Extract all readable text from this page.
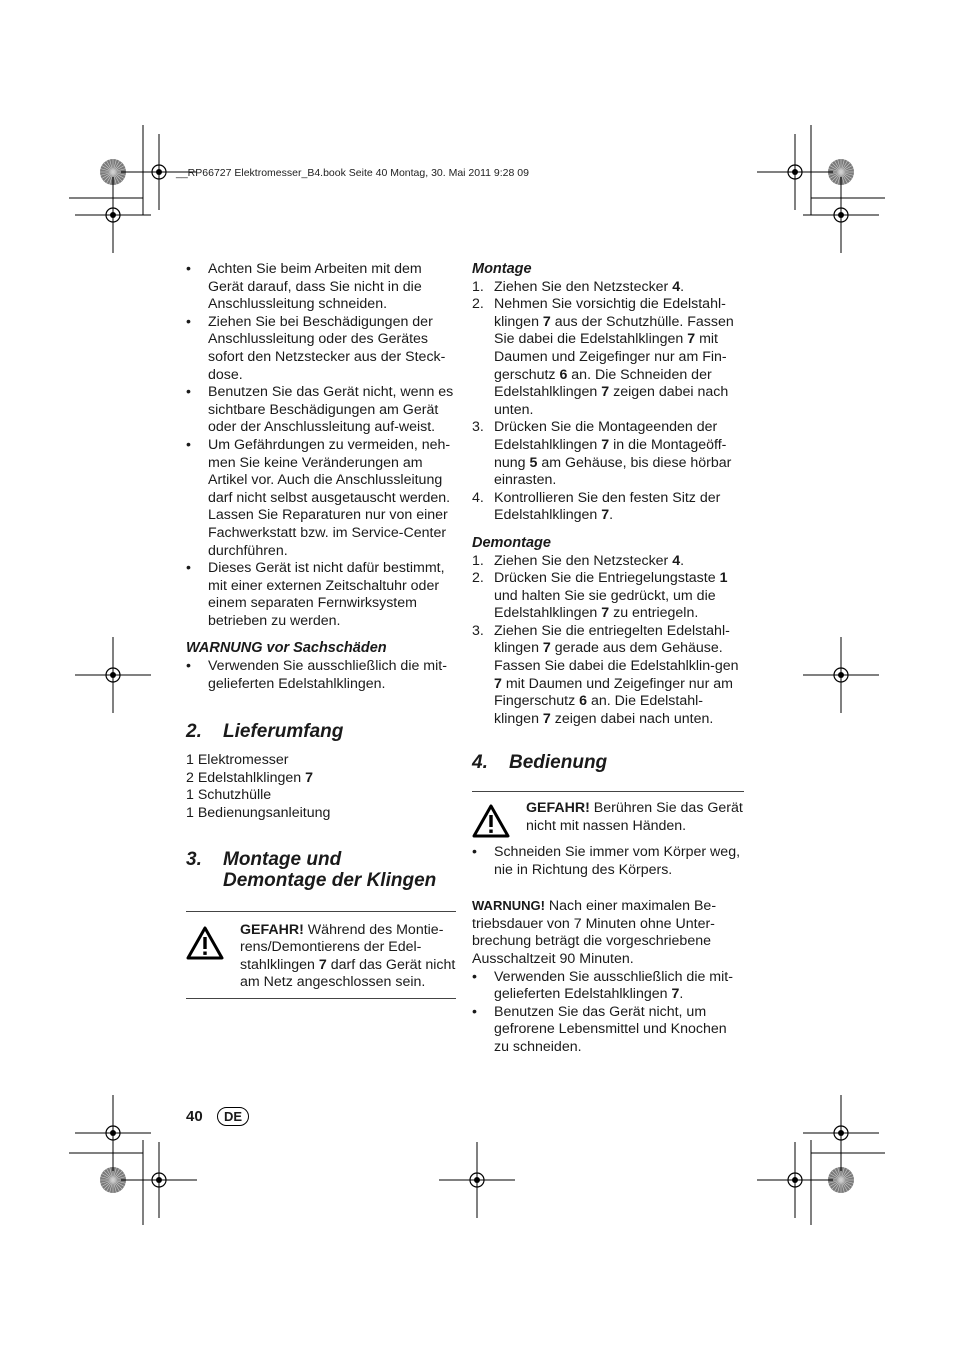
__RP66727 Elektromesser_B4.book Seite 40 Montag, 30. Mai 2011 9:28 09
• Achten Sie beim Arbeiten mit dem Gerät darauf, dass Sie nicht in die Anschlussleitung schneiden.
• Ziehen Sie bei Beschädigungen der Anschlussleitung oder des Gerätes sofort den Netzstecker aus der Steck-dose.
• Benutzen Sie das Gerät nicht, wenn es sichtbare Beschädigungen am Gerät oder der Anschlussleitung auf-weist.
• Um Gefährdungen zu vermeiden, neh-men Sie keine Veränderungen am Artikel vor. Auch die Anschlussleitung darf nicht selbst ausgetauscht werden. Lassen Sie Reparaturen nur von einer Fachwerkstatt bzw. im Service-Center durchführen.
• Dieses Gerät ist nicht dafür bestimmt, mit einer externen Zeitschaltuhr oder einem separaten Fernwirksystem betrieben zu werden.
WARNUNG vor Sachschäden
• Verwenden Sie ausschließlich die mit-gelieferten Edelstahlklingen.
2.	Lieferumfang
1 Elektromesser
2 Edelstahlklingen 7
1 Schutzhülle
1 Bedienungsanleitung
3.	Montage und
Demontage der Klingen
GEFAHR! Während des Montie-rens/Demontierens der Edel-stahlklingen 7 darf das Gerät nicht am Netz angeschlossen sein.
Montage
1. Ziehen Sie den Netzstecker 4.
2. Nehmen Sie vorsichtig die Edelstahl-klingen 7 aus der Schutzhülle. Fassen Sie dabei die Edelstahlklingen 7 mit Daumen und Zeigefinger nur am Fin-gerschutz 6 an. Die Schneiden der Edelstahlklingen 7 zeigen dabei nach unten.
3. Drücken Sie die Montageenden der Edelstahlklingen 7 in die Montageöff-nung 5 am Gehäuse, bis diese hörbar einrasten.
4. Kontrollieren Sie den festen Sitz der Edelstahlklingen 7.
Demontage
1. Ziehen Sie den Netzstecker 4.
2. Drücken Sie die Entriegelungstaste 1 und halten Sie sie gedrückt, um die Edelstahlklingen 7 zu entriegeln.
3. Ziehen Sie die entriegelten Edelstahl-klingen 7 gerade aus dem Gehäuse. Fassen Sie dabei die Edelstahlklin-gen 7 mit Daumen und Zeigefinger nur am Fingerschutz 6 an. Die Edelstahl-klingen 7 zeigen dabei nach unten.
4.	Bedienung
GEFAHR! Berühren Sie das Gerät nicht mit nassen Händen.
• Schneiden Sie immer vom Körper weg, nie in Richtung des Körpers.
WARNUNG! Nach einer maximalen Be-triebsdauer von 7 Minuten ohne Unter-brechung beträgt die vorgeschriebene Ausschaltzeit 90 Minuten.
• Verwenden Sie ausschließlich die mit-gelieferten Edelstahlklingen 7.
• Benutzen Sie das Gerät nicht, um gefrorene Lebensmittel und Knochen zu schneiden.
40	DE
